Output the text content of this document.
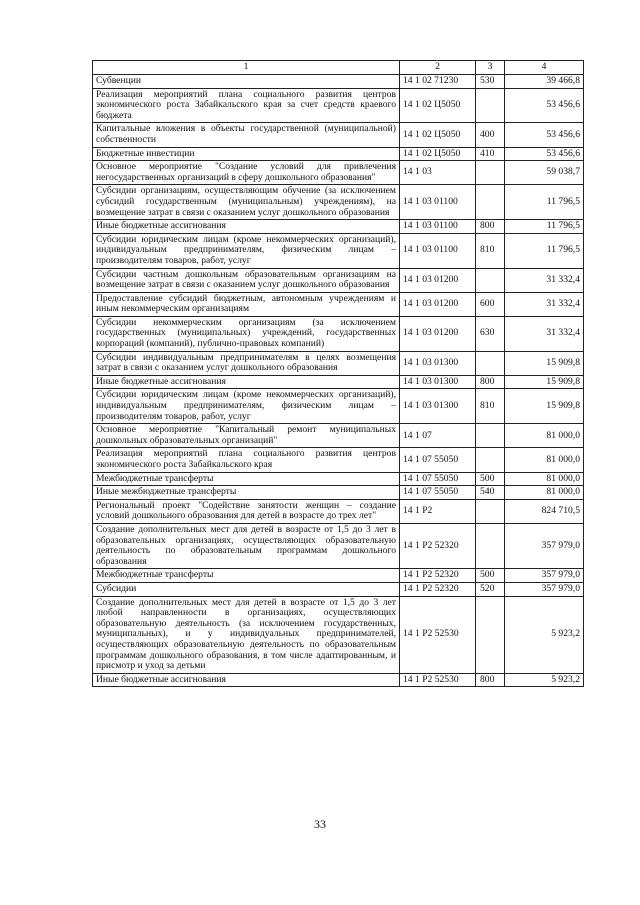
1	2	3	4
Субвенции	14 1 02 71230	530	39 466,8
Реализация мероприятий плана социального развития центров экономического роста Забайкальского края за счет средств краевого бюджета	14 1 02 Ц5050		53 456,6
Капитальные вложения в объекты государственной (муниципальной) собственности	14 1 02 Ц5050	400	53 456,6
Бюджетные инвестиции	14 1 02 Ц5050	410	53 456,6
Основное мероприятие "Создание условий для привлечения негосударственных организаций в сферу дошкольного образования"	14 1 03		59 038,7
Субсидии организациям, осуществляющим обучение (за исключением субсидий государственным (муниципальным) учреждениям), на возмещение затрат в связи с оказанием услуг дошкольного образования	14 1 03 01100		11 796,5
Иные бюджетные ассигнования	14 1 03 01100	800	11 796,5
Субсидии юридическим лицам (кроме некоммерческих организаций), индивидуальным предпринимателям, физическим лицам – производителям товаров, работ, услуг	14 1 03 01100	810	11 796,5
Субсидии частным дошкольным образовательным организациям на возмещение затрат в связи с оказанием услуг дошкольного образования	14 1 03 01200		31 332,4
Предоставление субсидий бюджетным, автономным учреждениям и иным некоммерческим организациям	14 1 03 01200	600	31 332,4
Субсидии некоммерческим организациям (за исключением государственных (муниципальных) учреждений, государственных корпораций (компаний), публично-правовых компаний)	14 1 03 01200	630	31 332,4
Субсидии индивидуальным предпринимателям в целях возмещения затрат в связи с оказанием услуг дошкольного образования	14 1 03 01300		15 909,8
Иные бюджетные ассигнования	14 1 03 01300	800	15 909,8
Субсидии юридическим лицам (кроме некоммерческих организаций), индивидуальным предпринимателям, физическим лицам – производителям товаров, работ, услуг	14 1 03 01300	810	15 909,8
Основное мероприятие "Капитальный ремонт муниципальных дошкольных образовательных организаций"	14 1 07		81 000,0
Реализация мероприятий плана социального развития центров экономического роста Забайкальского края	14 1 07 55050		81 000,0
Межбюджетные трансферты	14 1 07 55050	500	81 000,0
Иные межбюджетные трансферты	14 1 07 55050	540	81 000,0
Региональный проект "Содействие занятости женщин – создание условий дошкольного образования для детей в возрасте до трех лет"	14 1 P2		824 710,5
Создание дополнительных мест для детей в возрасте от 1,5 до 3 лет в образовательных организациях, осуществляющих образовательную деятельность по образовательным программам дошкольного образования	14 1 P2 52320		357 979,0
Межбюджетные трансферты	14 1 P2 52320	500	357 979,0
Субсидии	14 1 P2 52320	520	357 979,0
Создание дополнительных мест для детей в возрасте от 1,5 до 3 лет любой направленности в организациях, осуществляющих образовательную деятельность (за исключением государственных, муниципальных), и у индивидуальных предпринимателей, осуществляющих образовательную деятельность по образовательным программам дошкольного образования, в том числе адаптированным, и присмотр и уход за детьми	14 1 P2 52530		5 923,2
Иные бюджетные ассигнования	14 1 P2 52530	800	5 923,2
33
